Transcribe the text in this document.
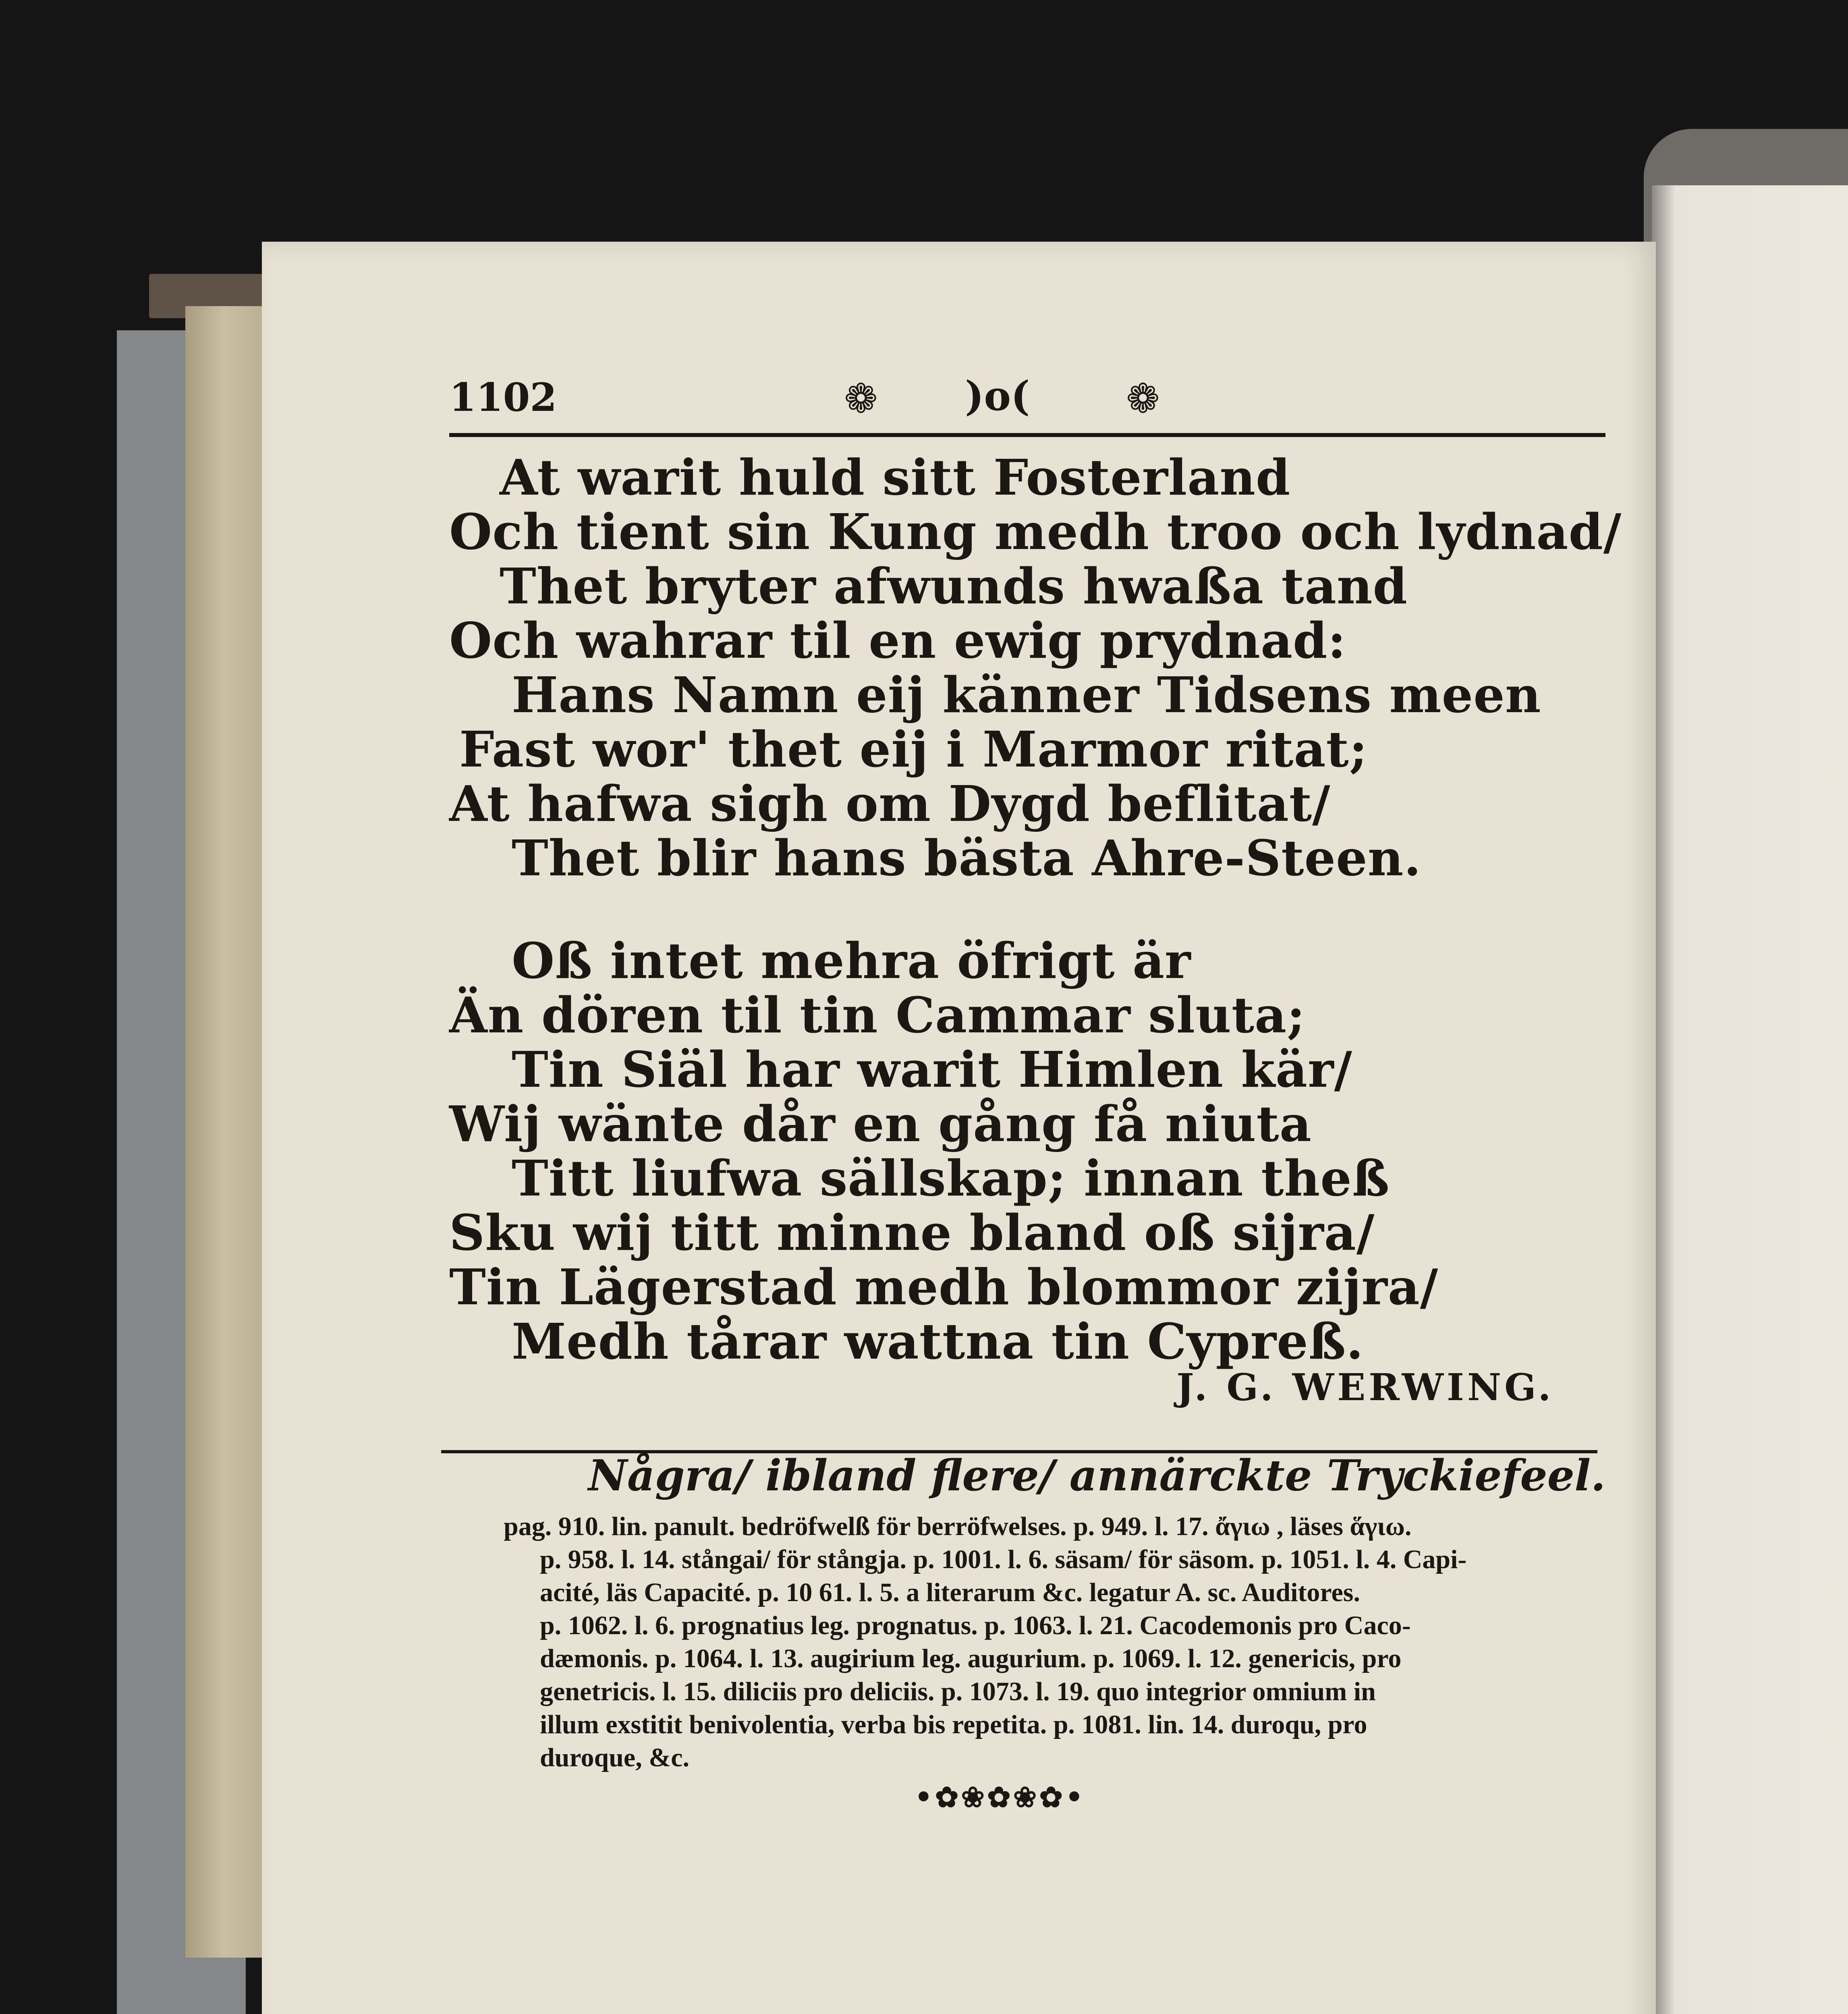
1102	❁ )o( ❁
At warit huld sitt Fosterland
Och tient sin Kung medh troo och lydnad/
Thet bryter afwunds hwaßa tand
Och wahrar til en ewig prydnad:
Hans Namn eij känner Tidsens meen
Fast wor' thet eij i Marmor ritat;
At hafwa sigh om Dygd beflitat/
Thet blir hans bästa Ahre-Steen.
Oß intet mehra öfrigt är
Än dören til tin Cammar sluta;
Tin Siäl har warit Himlen kär/
Wij wänte dår en gång få niuta
Titt liufwa sällskap; innan theß
Sku wij titt minne bland oß sijra/
Tin Lägerstad medh blommor zijra/
Medh tårar wattna tin Cypreß.
J. G. WERWING.
Några/ ibland flere/ annärckte Tryckiefeel.
pag. 910. lin. panult. bedröfwelß för berröfwelses. p. 949. l. 17. ἄγιω , läses ἅγιω.
p. 958. l. 14. stångai/ för stångja. p. 1001. l. 6. säsam/ för säsom. p. 1051. l. 4. Capi-
acité, läs Capacité. p. 10 61. l. 5. a literarum &c. legatur A. sc. Auditores.
p. 1062. l. 6. prognatius leg. prognatus. p. 1063. l. 21. Cacodemonis pro Caco-
dæmonis. p. 1064. l. 13. augirium leg. augurium. p. 1069. l. 12. genericis, pro
genetricis. l. 15. diliciis pro deliciis. p. 1073. l. 19. quo integrior omnium in
illum exstitit benivolentia, verba bis repetita. p. 1081. lin. 14. duroqu, pro
duroque, &c.
•✿❀✿❀✿•
